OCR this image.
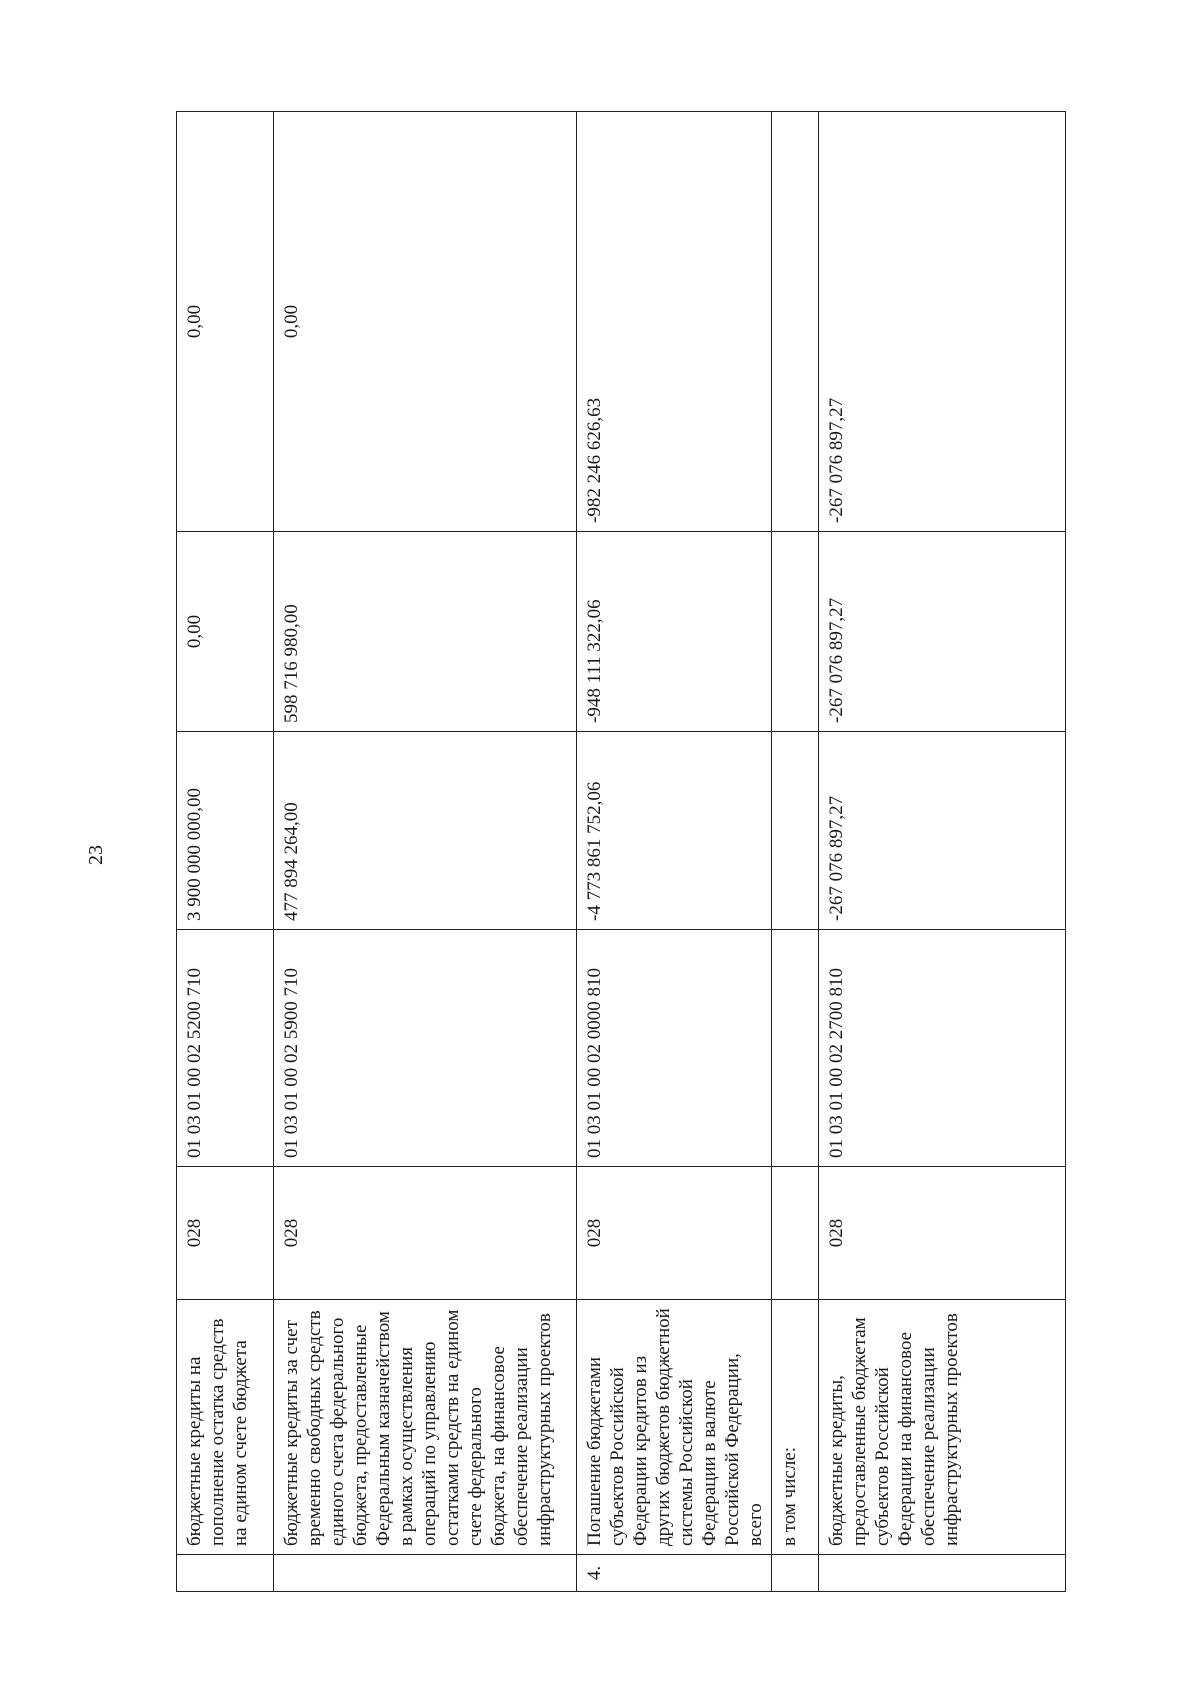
23
	бюджетные кредиты на пополнение остатка средств на едином счете бюджета	028	01 03 01 00 02 5200 710	3 900 000 000,00	0,00	0,00
	бюджетные кредиты за счет временно свободных средств единого счета федерального бюджета, предоставленные Федеральным казначейством в рамках осуществления операций по управлению остатками средств на едином счете федерального бюджета, на финансовое обеспечение реализации инфраструктурных проектов	028	01 03 01 00 02 5900 710	477 894 264,00	598 716 980,00	0,00
4.	Погашение бюджетами субъектов Российской Федерации кредитов из других бюджетов бюджетной системы Российской Федерации в валюте Российской Федерации, всего	028	01 03 01 00 02 0000 810	-4 773 861 752,06	-948 111 322,06	-982 246 626,63
	в том числе:					
	бюджетные кредиты, предоставленные бюджетам субъектов Российской Федерации на финансовое обеспечение реализации инфраструктурных проектов	028	01 03 01 00 02 2700 810	-267 076 897,27	-267 076 897,27	-267 076 897,27
